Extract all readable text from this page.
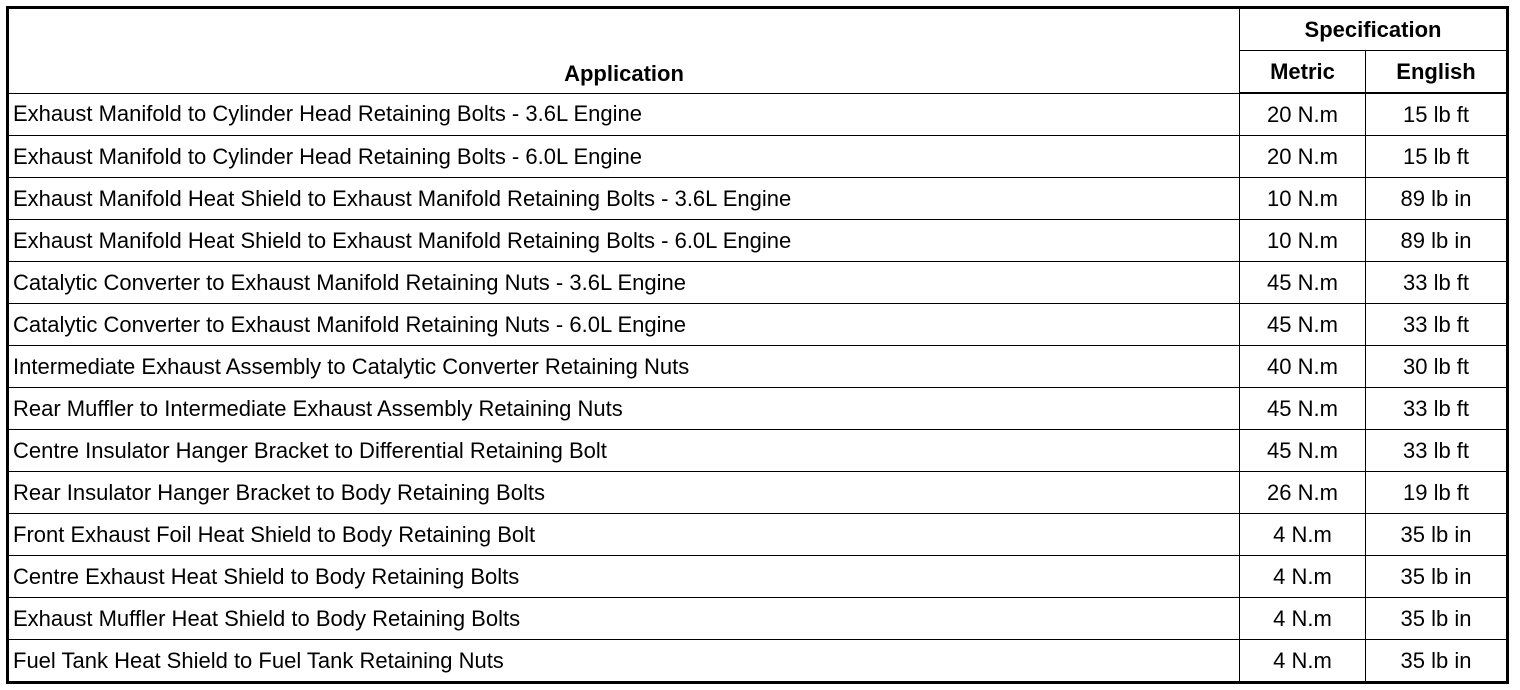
Application	Specification	
	Metric	English
Exhaust Manifold to Cylinder Head Retaining Bolts - 3.6L Engine	20 N.m	15 lb ft
Exhaust Manifold to Cylinder Head Retaining Bolts - 6.0L Engine	20 N.m	15 lb ft
Exhaust Manifold Heat Shield to Exhaust Manifold Retaining Bolts - 3.6L Engine	10 N.m	89 lb in
Exhaust Manifold Heat Shield to Exhaust Manifold Retaining Bolts - 6.0L Engine	10 N.m	89 lb in
Catalytic Converter to Exhaust Manifold Retaining Nuts - 3.6L Engine	45 N.m	33 lb ft
Catalytic Converter to Exhaust Manifold Retaining Nuts - 6.0L Engine	45 N.m	33 lb ft
Intermediate Exhaust Assembly to Catalytic Converter Retaining Nuts	40 N.m	30 lb ft
Rear Muffler to Intermediate Exhaust Assembly Retaining Nuts	45 N.m	33 lb ft
Centre Insulator Hanger Bracket to Differential Retaining Bolt	45 N.m	33 lb ft
Rear Insulator Hanger Bracket to Body Retaining Bolts	26 N.m	19 lb ft
Front Exhaust Foil Heat Shield to Body Retaining Bolt	4 N.m	35 lb in
Centre Exhaust Heat Shield to Body Retaining Bolts	4 N.m	35 lb in
Exhaust Muffler Heat Shield to Body Retaining Bolts	4 N.m	35 lb in
Fuel Tank Heat Shield to Fuel Tank Retaining Nuts	4 N.m	35 lb in
